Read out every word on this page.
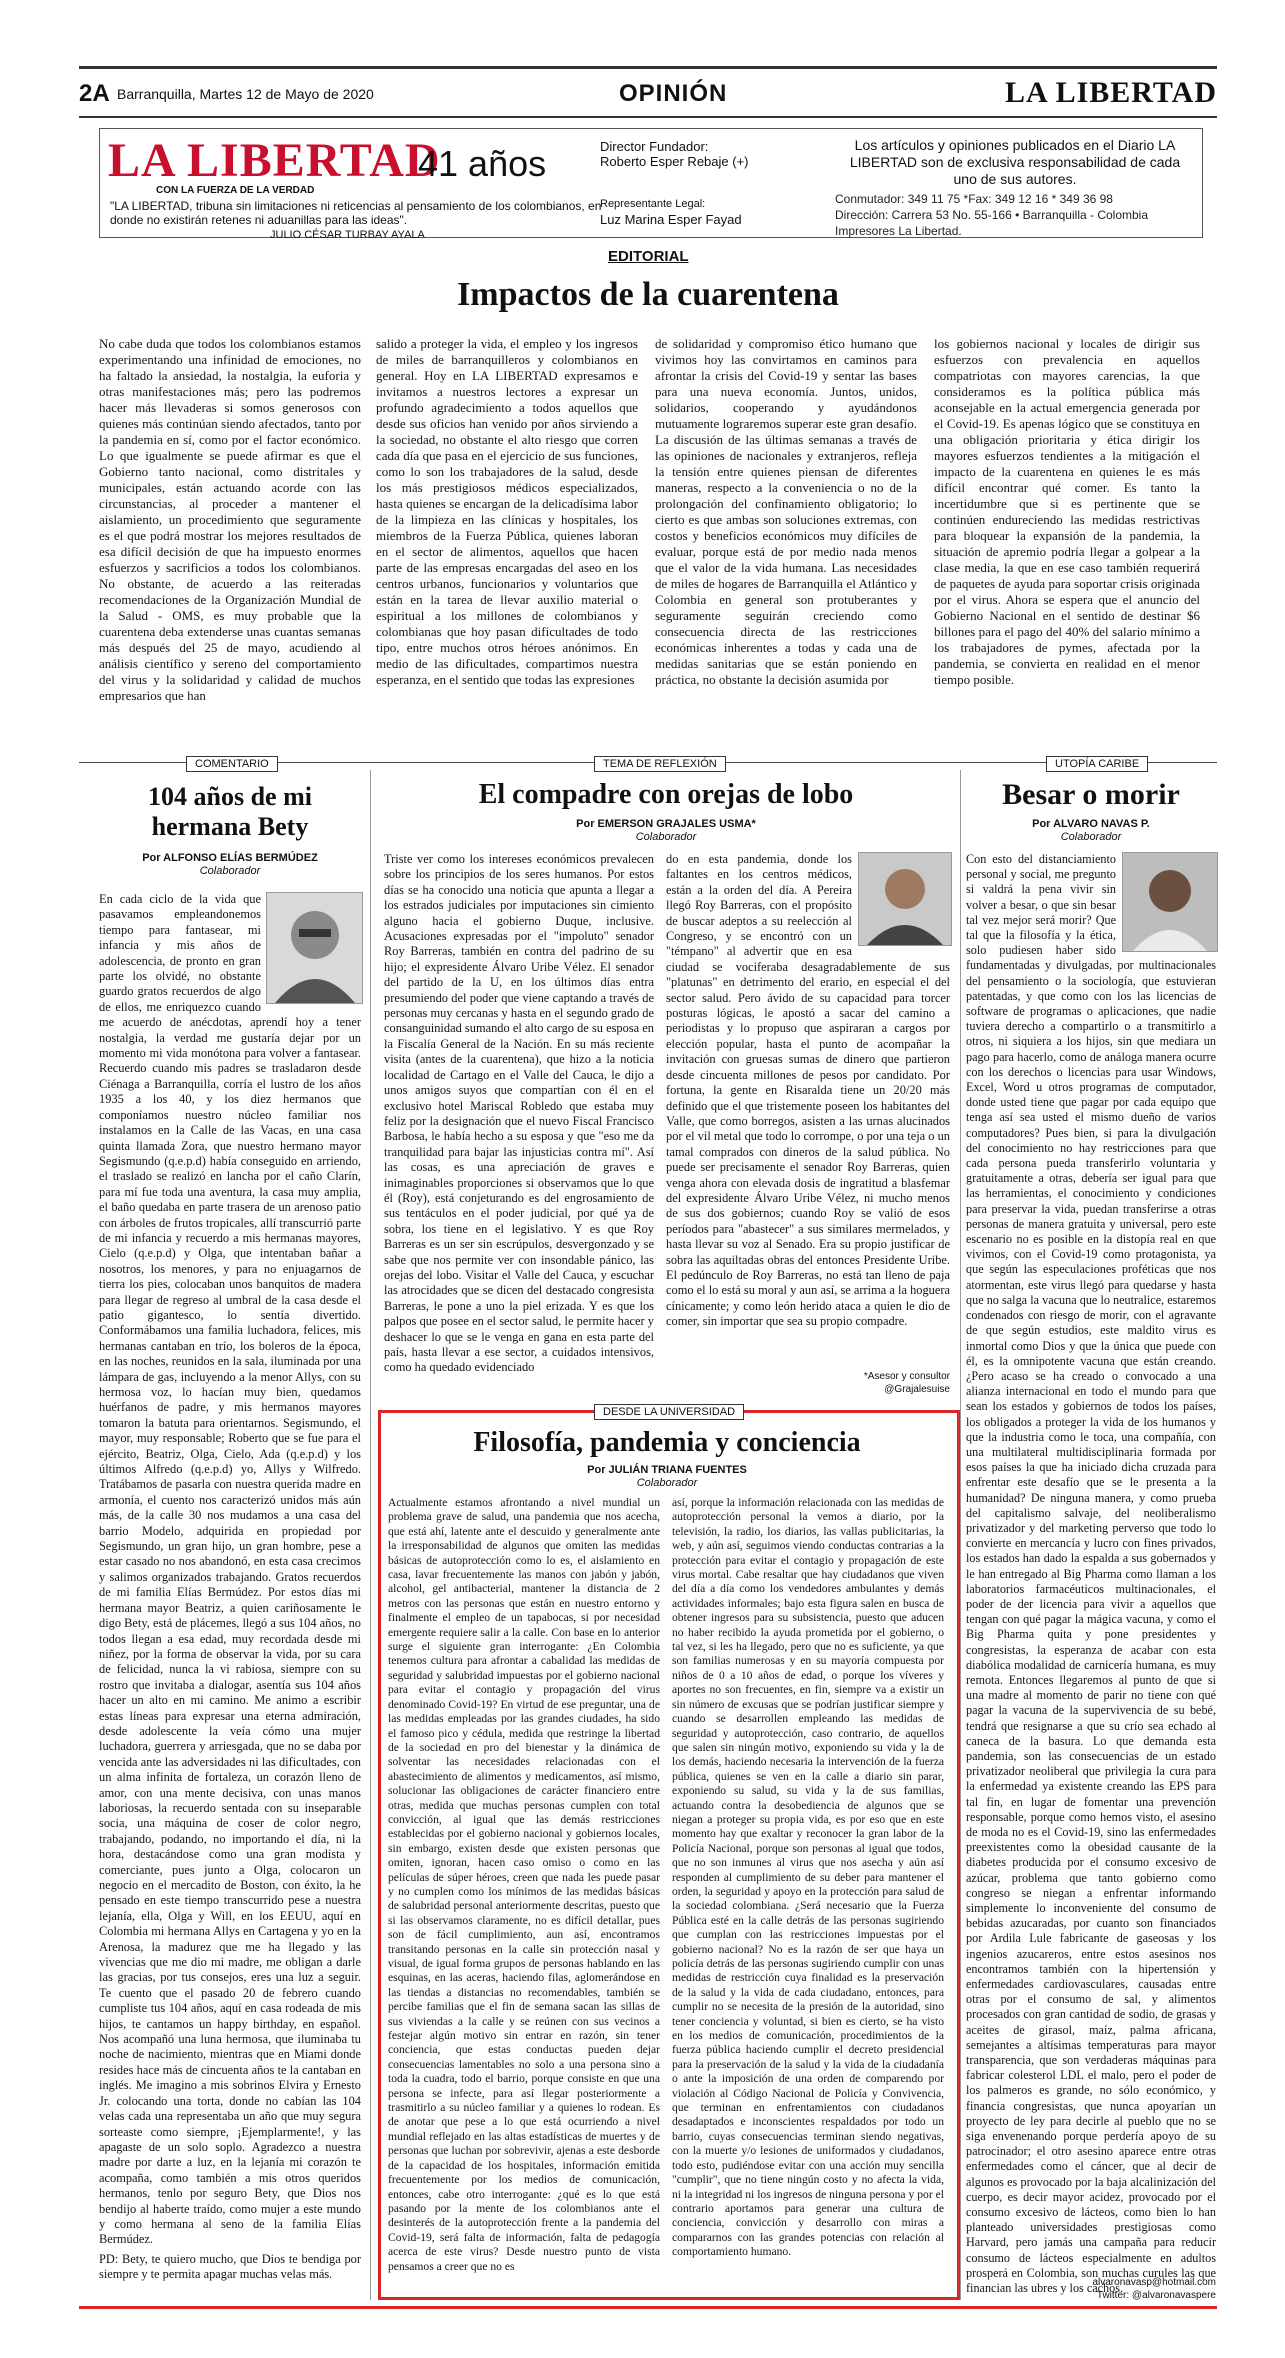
2A Barranquilla, Martes 12 de Mayo de 2020	OPINIÓN	LA LIBERTAD
LA LIBERTAD
CON LA FUERZA DE LA VERDAD
41 años
"LA LIBERTAD, tribuna sin limitaciones ni reticencias al pensamiento de los colombianos, en donde no existirán retenes ni aduanillas para las ideas".
JULIO CÉSAR TURBAY AYALA
Director Fundador:
Roberto Esper Rebaje (+)
Representante Legal:
Luz Marina Esper Fayad
Los artículos y opiniones publicados en el Diario LA LIBERTAD son de exclusiva responsabilidad de cada uno de sus autores.
Conmutador: 349 11 75 *Fax: 349 12 16 * 349 36 98
Dirección: Carrera 53 No. 55-166 • Barranquilla - Colombia
Impresores La Libertad.
EDITORIAL
Impactos de la cuarentena

No cabe duda que todos los colombianos estamos experimentando una infinidad de emociones, no ha faltado la ansiedad, la nostalgia, la euforia y otras manifestaciones más; pero las podremos hacer más llevaderas si somos generosos con quienes más continúan siendo afectados, tanto por la pandemia en sí, como por el factor económico. Lo que igualmente se puede afirmar es que el Gobierno tanto nacional, como distritales y municipales, están actuando acorde con las circunstancias, al proceder a mantener el aislamiento, un procedimiento que seguramente es el que podrá mostrar los mejores resultados de esa difícil decisión de que ha impuesto enormes esfuerzos y sacrificios a todos los colombianos. No obstante, de acuerdo a las reiteradas recomendaciones de la Organización Mundial de la Salud - OMS, es muy probable que la cuarentena deba extenderse unas cuantas semanas más después del 25 de mayo, acudiendo al análisis científico y sereno del comportamiento del virus y la solidaridad y calidad de muchos empresarios que han

salido a proteger la vida, el empleo y los ingresos de miles de barranquilleros y colombianos en general. Hoy en LA LIBERTAD expresamos e invitamos a nuestros lectores a expresar un profundo agradecimiento a todos aquellos que desde sus oficios han venido por años sirviendo a la sociedad, no obstante el alto riesgo que corren cada día que pasa en el ejercicio de sus funciones, como lo son los trabajadores de la salud, desde los más prestigiosos médicos especializados, hasta quienes se encargan de la delicadísima labor de la limpieza en las clínicas y hospitales, los miembros de la Fuerza Pública, quienes laboran en el sector de alimentos, aquellos que hacen parte de las empresas encargadas del aseo en los centros urbanos, funcionarios y voluntarios que están en la tarea de llevar auxilio material o espiritual a los millones de colombianos y colombianas que hoy pasan dificultades de todo tipo, entre muchos otros héroes anónimos. En medio de las dificultades, compartimos nuestra esperanza, en el sentido que todas las expresiones

de solidaridad y compromiso ético humano que vivimos hoy las convirtamos en caminos para afrontar la crisis del Covid-19 y sentar las bases para una nueva economía. Juntos, unidos, solidarios, cooperando y ayudándonos mutuamente lograremos superar este gran desafío. La discusión de las últimas semanas a través de las opiniones de nacionales y extranjeros, refleja la tensión entre quienes piensan de diferentes maneras, respecto a la conveniencia o no de la prolongación del confinamiento obligatorio; lo cierto es que ambas son soluciones extremas, con costos y beneficios económicos muy difíciles de evaluar, porque está de por medio nada menos que el valor de la vida humana. Las necesidades de miles de hogares de Barranquilla el Atlántico y Colombia en general son protuberantes y seguramente seguirán creciendo como consecuencia directa de las restricciones económicas inherentes a todas y cada una de medidas sanitarias que se están poniendo en práctica, no obstante la decisión asumida por

los gobiernos nacional y locales de dirigir sus esfuerzos con prevalencia en aquellos compatriotas con mayores carencias, la que consideramos es la política pública más aconsejable en la actual emergencia generada por el Covid-19. Es apenas lógico que se constituya en una obligación prioritaria y ética dirigir los mayores esfuerzos tendientes a la mitigación el impacto de la cuarentena en quienes le es más difícil encontrar qué comer. Es tanto la incertidumbre que si es pertinente que se continúen endureciendo las medidas restrictivas para bloquear la expansión de la pandemia, la situación de apremio podría llegar a golpear a la clase media, la que en ese caso también requerirá de paquetes de ayuda para soportar crisis originada por el virus. Ahora se espera que el anuncio del Gobierno Nacional en el sentido de destinar $6 billones para el pago del 40% del salario mínimo a los trabajadores de pymes, afectada por la pandemia, se convierta en realidad en el menor tiempo posible.

COMENTARIO
104 años de mi hermana Bety
Por ALFONSO ELÍAS BERMÚDEZ
Colaborador

En cada ciclo de la vida que pasavamos empleandonemos tiempo para fantasear, mi infancia y mis años de adolescencia, de pronto en gran parte los olvidé, no obstante guardo gratos recuerdos de algo de ellos, me enriquezco cuando me acuerdo de anécdotas, aprendí hoy a tener nostalgia, la verdad me gustaría dejar por un momento mi vida monótona para volver a fantasear. Recuerdo cuando mis padres se trasladaron desde Ciénaga a Barranquilla, corría el lustro de los años 1935 a los 40, y los diez hermanos que componíamos nuestro núcleo familiar nos instalamos en la Calle de las Vacas, en una casa quinta llamada Zora, que nuestro hermano mayor Segismundo (q.e.p.d) había conseguido en arriendo, el traslado se realizó en lancha por el caño Clarín, para mí fue toda una aventura, la casa muy amplia, el baño quedaba en parte trasera de un arenoso patio con árboles de frutos tropicales, allí transcurrió parte de mi infancia y recuerdo a mis hermanas mayores, Cielo (q.e.p.d) y Olga, que intentaban bañar a nosotros, los menores, y para no enjuagarnos de tierra los pies, colocaban unos banquitos de madera para llegar de regreso al umbral de la casa desde el patio gigantesco, lo sentía divertido. Conformábamos una familia luchadora, felices, mis hermanas cantaban en trío, los boleros de la época, en las noches, reunidos en la sala, iluminada por una lámpara de gas, incluyendo a la menor Allys, con su hermosa voz, lo hacían muy bien, quedamos huérfanos de padre, y mis hermanos mayores tomaron la batuta para orientarnos. Segismundo, el mayor, muy responsable; Roberto que se fue para el ejército, Beatriz, Olga, Cielo, Ada (q.e.p.d) y los últimos Alfredo (q.e.p.d) yo, Allys y Wilfredo. Tratábamos de pasarla con nuestra querida madre en armonía, el cuento nos caracterizó unidos más aún más, de la calle 30 nos mudamos a una casa del barrio Modelo, adquirida en propiedad por Segismundo, un gran hijo, un gran hombre, pese a estar casado no nos abandonó, en esta casa crecimos y salimos organizados trabajando. Gratos recuerdos de mi familia Elías Bermúdez. Por estos días mi hermana mayor Beatriz, a quien cariñosamente le digo Bety, está de plácemes, llegó a sus 104 años, no todos llegan a esa edad, muy recordada desde mi niñez, por la forma de observar la vida, por su cara de felicidad, nunca la vi rabiosa, siempre con su rostro que invitaba a dialogar, asentía sus 104 años hacer un alto en mi camino. Me animo a escribir estas líneas para expresar una eterna admiración, desde adolescente la veía cómo una mujer luchadora, guerrera y arriesgada, que no se daba por vencida ante las adversidades ni las dificultades, con un alma infinita de fortaleza, un corazón lleno de amor, con una mente decisiva, con unas manos laboriosas, la recuerdo sentada con su inseparable socia, una máquina de coser de color negro, trabajando, podando, no importando el día, ni la hora, destacándose como una gran modista y comerciante, pues junto a Olga, colocaron un negocio en el mercadito de Boston, con éxito, la he pensado en este tiempo transcurrido pese a nuestra lejanía, ella, Olga y Will, en los EEUU, aquí en Colombia mi hermana Allys en Cartagena y yo en la Arenosa, la madurez que me ha llegado y las vivencias que me dio mi madre, me obligan a darle las gracias, por tus consejos, eres una luz a seguir. Te cuento que el pasado 20 de febrero cuando cumpliste tus 104 años, aquí en casa rodeada de mis hijos, te cantamos un happy birthday, en español. Nos acompañó una luna hermosa, que iluminaba tu noche de nacimiento, mientras que en Miami donde resides hace más de cincuenta años te la cantaban en inglés. Me imagino a mis sobrinos Elvira y Ernesto Jr. colocando una torta, donde no cabían las 104 velas cada una representaba un año que muy segura sorteaste como siempre, ¡Ejemplarmente!, y las apagaste de un solo soplo. Agradezco a nuestra madre por darte a luz, en la lejanía mi corazón te acompaña, como también a mis otros queridos hermanos, tenlo por seguro Bety, que Dios nos bendijo al haberte traído, como mujer a este mundo y como hermana al seno de la familia Elías Bermúdez.

PD: Bety, te quiero mucho, que Dios te bendiga por siempre y te permita apagar muchas velas más.

TEMA DE REFLEXIÓN
El compadre con orejas de lobo
Por EMERSON GRAJALES USMA*
Colaborador

Triste ver como los intereses económicos prevalecen sobre los principios de los seres humanos. Por estos días se ha conocido una noticia que apunta a llegar a los estrados judiciales por imputaciones sin cimiento alguno hacia el gobierno Duque, inclusive. Acusaciones expresadas por el "impoluto" senador Roy Barreras, también en contra del padrino de su hijo; el expresidente Álvaro Uribe Vélez. El senador del partido de la U, en los últimos días entra presumiendo del poder que viene captando a través de personas muy cercanas y hasta en el segundo grado de consanguinidad sumando el alto cargo de su esposa en la Fiscalía General de la Nación. En su más reciente visita (antes de la cuarentena), que hizo a la noticia localidad de Cartago en el Valle del Cauca, le dijo a unos amigos suyos que compartían con él en el exclusivo hotel Mariscal Robledo que estaba muy feliz por la designación que el nuevo Fiscal Francisco Barbosa, le había hecho a su esposa y que "eso me da tranquilidad para bajar las injusticias contra mí". Así las cosas, es una apreciación de graves e inimaginables proporciones si observamos que lo que él (Roy), está conjeturando es del engrosamiento de sus tentáculos en el poder judicial, por qué ya de sobra, los tiene en el legislativo. Y es que Roy Barreras es un ser sin escrúpulos, desvergonzado y se sabe que nos permite ver con insondable pánico, las orejas del lobo. Visitar el Valle del Cauca, y escuchar las atrocidades que se dicen del destacado congresista Barreras, le pone a uno la piel erizada. Y es que los palpos que posee en el sector salud, le permite hacer y deshacer lo que se le venga en gana en esta parte del país, hasta llevar a ese sector, a cuidados intensivos, como ha quedado evidenciado

do en esta pandemia, donde los faltantes en los centros médicos, están a la orden del día. A Pereira llegó Roy Barreras, con el propósito de buscar adeptos a su reelección al Congreso, y se encontró con un "témpano" al advertir que en esa ciudad se vociferaba desagradablemente de sus "platunas" en detrimento del erario, en especial el del sector salud. Pero ávido de su capacidad para torcer posturas lógicas, le apostó a sacar del camino a periodistas y lo propuso que aspiraran a cargos por elección popular, hasta el punto de acompañar la invitación con gruesas sumas de dinero que partieron desde cincuenta millones de pesos por candidato. Por fortuna, la gente en Risaralda tiene un 20/20 más definido que el que tristemente poseen los habitantes del Valle, que como borregos, asisten a las urnas alucinados por el vil metal que todo lo corrompe, o por una teja o un tamal comprados con dineros de la salud pública. No puede ser precisamente el senador Roy Barreras, quien venga ahora con elevada dosis de ingratitud a blasfemar del expresidente Álvaro Uribe Vélez, ni mucho menos de sus dos gobiernos; cuando Roy se valió de esos períodos para "abastecer" a sus similares mermelados, y hasta llevar su voz al Senado. Era su propio justificar de sobra las aquiltadas obras del entonces Presidente Uribe. El pedúnculo de Roy Barreras, no está tan lleno de paja como el lo está su moral y aun así, se arrima a la hoguera cínicamente; y como león herido ataca a quien le dio de comer, sin importar que sea su propio compadre.

*Asesor y consultor
@Grajalesuise
DESDE LA UNIVERSIDAD
Filosofía, pandemia y conciencia
Por JULIÁN TRIANA FUENTES
Colaborador

Actualmente estamos afrontando a nivel mundial un problema grave de salud, una pandemia que nos acecha, que está ahí, latente ante el descuido y generalmente ante la irresponsabilidad de algunos que omiten las medidas básicas de autoprotección como lo es, el aislamiento en casa, lavar frecuentemente las manos con jabón y jabón, alcohol, gel antibacterial, mantener la distancia de 2 metros con las personas que están en nuestro entorno y finalmente el empleo de un tapabocas, si por necesidad emergente requiere salir a la calle. Con base en lo anterior surge el siguiente gran interrogante: ¿En Colombia tenemos cultura para afrontar a cabalidad las medidas de seguridad y salubridad impuestas por el gobierno nacional para evitar el contagio y propagación del virus denominado Covid-19? En virtud de ese preguntar, una de las medidas empleadas por las grandes ciudades, ha sido el famoso pico y cédula, medida que restringe la libertad de la sociedad en pro del bienestar y la dinámica de solventar las necesidades relacionadas con el abastecimiento de alimentos y medicamentos, así mismo, solucionar las obligaciones de carácter financiero entre otras, medida que muchas personas cumplen con total convicción, al igual que las demás restricciones establecidas por el gobierno nacional y gobiernos locales, sin embargo, existen desde que existen personas que omiten, ignoran, hacen caso omiso o como en las películas de súper héroes, creen que nada les puede pasar y no cumplen como los mínimos de las medidas básicas de salubridad personal anteriormente descritas, puesto que si las observamos claramente, no es difícil detallar, pues son de fácil cumplimiento, aun así, encontramos transitando personas en la calle sin protección nasal y visual, de igual forma grupos de personas hablando en las esquinas, en las aceras, haciendo filas, aglomerándose en las tiendas a distancias no recomendables, también se percibe familias que el fin de semana sacan las sillas de sus viviendas a la calle y se reúnen con sus vecinos a festejar algún motivo sin entrar en razón, sin tener conciencia, que estas conductas pueden dejar consecuencias lamentables no solo a una persona sino a toda la cuadra, todo el barrio, porque consiste en que una persona se infecte, para así llegar posteriormente a trasmitirlo a su núcleo familiar y a quienes lo rodean. Es de anotar que pese a lo que está ocurriendo a nivel mundial reflejado en las altas estadísticas de muertes y de personas que luchan por sobrevivir, ajenas a este desborde de la capacidad de los hospitales, información emitida frecuentemente por los medios de comunicación, entonces, cabe otro interrogante: ¿qué es lo que está pasando por la mente de los colombianos ante el desinterés de la autoprotección frente a la pandemia del Covid-19, será falta de información, falta de pedagogía acerca de este virus? Desde nuestro punto de vista pensamos a creer que no es

así, porque la información relacionada con las medidas de autoprotección personal la vemos a diario, por la televisión, la radio, los diarios, las vallas publicitarias, la web, y aún así, seguimos viendo conductas contrarias a la protección para evitar el contagio y propagación de este virus mortal. Cabe resaltar que hay ciudadanos que viven del día a día como los vendedores ambulantes y demás actividades informales; bajo esta figura salen en busca de obtener ingresos para su subsistencia, puesto que aducen no haber recibido la ayuda prometida por el gobierno, o tal vez, si les ha llegado, pero que no es suficiente, ya que son familias numerosas y en su mayoría compuesta por niños de 0 a 10 años de edad, o porque los víveres y aportes no son frecuentes, en fin, siempre va a existir un sin número de excusas que se podrían justificar siempre y cuando se desarrollen empleando las medidas de seguridad y autoprotección, caso contrario, de aquellos que salen sin ningún motivo, exponiendo su vida y la de los demás, haciendo necesaria la intervención de la fuerza pública, quienes se ven en la calle a diario sin parar, exponiendo su salud, su vida y la de sus familias, actuando contra la desobediencia de algunos que se niegan a proteger su propia vida, es por eso que en este momento hay que exaltar y reconocer la gran labor de la Policía Nacional, porque son personas al igual que todos, que no son inmunes al virus que nos asecha y aún así responden al cumplimiento de su deber para mantener el orden, la seguridad y apoyo en la protección para salud de la sociedad colombiana. ¿Será necesario que la Fuerza Pública esté en la calle detrás de las personas sugiriendo que cumplan con las restricciones impuestas por el gobierno nacional? No es la razón de ser que haya un policía detrás de las personas sugiriendo cumplir con unas medidas de restricción cuya finalidad es la preservación de la salud y la vida de cada ciudadano, entonces, para cumplir no se necesita de la presión de la autoridad, sino tener conciencia y voluntad, si bien es cierto, se ha visto en los medios de comunicación, procedimientos de la fuerza pública haciendo cumplir el decreto presidencial para la preservación de la salud y la vida de la ciudadanía o ante la imposición de una orden de comparendo por violación al Código Nacional de Policía y Convivencia, que terminan en enfrentamientos con ciudadanos desadaptados e inconscientes respaldados por todo un barrio, cuyas consecuencias terminan siendo negativas, con la muerte y/o lesiones de uniformados y ciudadanos, todo esto, pudiéndose evitar con una acción muy sencilla "cumplir", que no tiene ningún costo y no afecta la vida, ni la integridad ni los ingresos de ninguna persona y por el contrario aportamos para generar una cultura de conciencia, convicción y desarrollo con miras a compararnos con las grandes potencias con relación al comportamiento humano.

UTOPÍA CARIBE
Besar o morir
Por ALVARO NAVAS P.
Colaborador

Con esto del distanciamiento personal y social, me pregunto si valdrá la pena vivir sin volver a besar, o que sin besar tal vez mejor será morir? Que tal que la filosofía y la ética, solo pudiesen haber sido fundamentadas y divulgadas, por multinacionales del pensamiento o la sociología, que estuvieran patentadas, y que como con los las licencias de software de programas o aplicaciones, que nadie tuviera derecho a compartirlo o a transmitirlo a otros, ni siquiera a los hijos, sin que mediara un pago para hacerlo, como de análoga manera ocurre con los derechos o licencias para usar Windows, Excel, Word u otros programas de computador, donde usted tiene que pagar por cada equipo que tenga así sea usted el mismo dueño de varios computadores? Pues bien, si para la divulgación del conocimiento no hay restricciones para que cada persona pueda transferirlo voluntaria y gratuitamente a otras, debería ser igual para que las herramientas, el conocimiento y condiciones para preservar la vida, puedan transferirse a otras personas de manera gratuita y universal, pero este escenario no es posible en la distopía real en que vivimos, con el Covid-19 como protagonista, ya que según las especulaciones proféticas que nos atormentan, este virus llegó para quedarse y hasta que no salga la vacuna que lo neutralice, estaremos condenados con riesgo de morir, con el agravante de que según estudios, este maldito virus es inmortal como Dios y que la única que puede con él, es la omnipotente vacuna que están creando. ¿Pero acaso se ha creado o convocado a una alianza internacional en todo el mundo para que sean los estados y gobiernos de todos los países, los obligados a proteger la vida de los humanos y que la industria como le toca, una compañía, con una multilateral multidisciplinaria formada por esos países la que ha iniciado dicha cruzada para enfrentar este desafío que se le presenta a la humanidad? De ninguna manera, y como prueba del capitalismo salvaje, del neoliberalismo privatizador y del marketing perverso que todo lo convierte en mercancía y lucro con fines privados, los estados han dado la espalda a sus gobernados y le han entregado al Big Pharma como llaman a los laboratorios farmacéuticos multinacionales, el poder de der licencia para vivir a aquellos que tengan con qué pagar la mágica vacuna, y como el Big Pharma quita y pone presidentes y congresistas, la esperanza de acabar con esta diabólica modalidad de carnicería humana, es muy remota. Entonces llegaremos al punto de que si una madre al momento de parir no tiene con qué pagar la vacuna de la supervivencia de su bebé, tendrá que resignarse a que su crío sea echado al caneca de la basura. Lo que demanda esta pandemia, son las consecuencias de un estado privatizador neoliberal que privilegia la cura para la enfermedad ya existente creando las EPS para tal fin, en lugar de fomentar una prevención responsable, porque como hemos visto, el asesino de moda no es el Covid-19, sino las enfermedades preexistentes como la obesidad causante de la diabetes producida por el consumo excesivo de azúcar, problema que tanto gobierno como congreso se niegan a enfrentar informando simplemente lo inconveniente del consumo de bebidas azucaradas, por cuanto son financiados por Ardila Lule fabricante de gaseosas y los ingenios azucareros, entre estos asesinos nos encontramos también con la hipertensión y enfermedades cardiovasculares, causadas entre otras por el consumo de sal, y alimentos procesados con gran cantidad de sodio, de grasas y aceites de girasol, maíz, palma africana, semejantes a altísimas temperaturas para mayor transparencia, que son verdaderas máquinas para fabricar colesterol LDL el malo, pero el poder de los palmeros es grande, no sólo económico, y financia congresistas, que nunca apoyarían un proyecto de ley para decirle al pueblo que no se siga envenenando porque perdería apoyo de su patrocinador; el otro asesino aparece entre otras enfermedades como el cáncer, que al decir de algunos es provocado por la baja alcalinización del cuerpo, es decir mayor acidez, provocado por el consumo excesivo de lácteos, como bien lo han planteado universidades prestigiosas como Harvard, pero jamás una campaña para reducir consumo de lácteos especialmente en adultos prosperá en Colombia, son muchas curules las que financian las ubres y los cachos.

alvaronavasp@hotmail.com
Twitter: @alvaronavaspere
